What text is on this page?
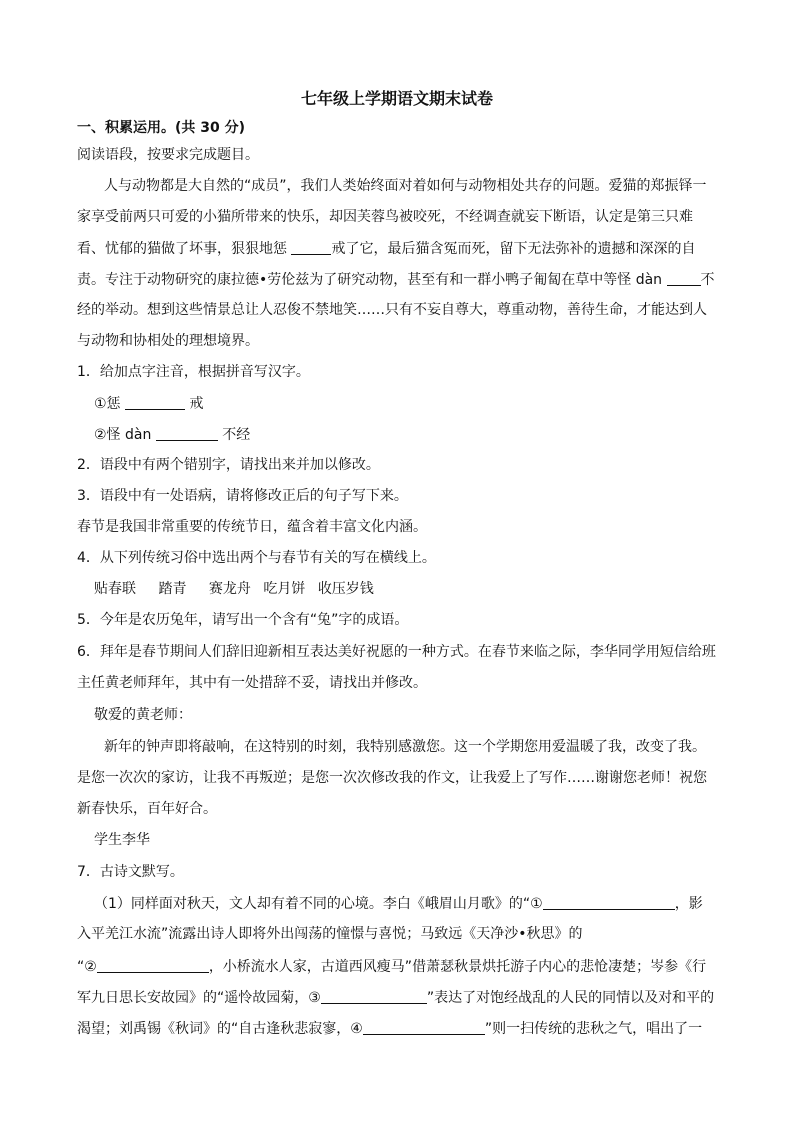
七年级上学期语文期末试卷
一、积累运用。(共 30 分)
阅读语段，按要求完成题目。
人与动物都是大自然的“成员”，我们人类始终面对着如何与动物相处共存的问题。爱猫的郑振铎一
家享受前两只可爱的小猫所带来的快乐，却因芙蓉鸟被咬死，不经调查就妄下断语，认定是第三只难
看、忧郁的猫做了坏事，狠狠地惩	戒了它，最后猫含冤而死，留下无法弥补的遗撼和深深的自
责。专注于动物研究的康拉德•劳伦兹为了研究动物，甚至有和一群小鸭子匍匐在草中等怪 dàn	不
经的举动。想到这些情景总让人忍俊不禁地笑……只有不妄自尊大，尊重动物，善待生命，才能达到人
与动物和协相处的理想境界。
1．给加点字注音，根据拼音写汉字。
①惩	戒
②怪 dàn	不经
2．语段中有两个错别字，请找出来并加以修改。
3．语段中有一处语病，请将修改正后的句子写下来。
春节是我国非常重要的传统节日，蕴含着丰富文化内涵。
4．从下列传统习俗中选出两个与春节有关的写在横线上。
贴春联 踏青 赛龙舟 吃月饼 收压岁钱
5．今年是农历兔年，请写出一个含有“兔”字的成语。
6．拜年是春节期间人们辞旧迎新相互表达美好祝愿的一种方式。在春节来临之际，李华同学用短信给班
主任黄老师拜年，其中有一处措辞不妥，请找出并修改。
敬爱的黄老师：
新年的钟声即将敲响，在这特别的时刻，我特别感激您。这一个学期您用爱温暖了我，改变了我。
是您一次次的家访，让我不再叛逆；是您一次次修改我的作文，让我爱上了写作……谢谢您老师！祝您
新春快乐，百年好合。
学生李华
7．古诗文默写。
（1）同样面对秋天，文人却有着不同的心境。李白《峨眉山月歌》的“①	，影
入平羌江水流”流露出诗人即将外出闯荡的憧憬与喜悦；马致远《天净沙•秋思》的
“②	，小桥流水人家，古道西风瘦马”借萧瑟秋景烘托游子内心的悲怆凄楚；岑参《行
军九日思长安故园》的“遥怜故园菊，③	”表达了对饱经战乱的人民的同情以及对和平的
渴望；刘禹锡《秋词》的“自古逢秋悲寂寥，④	”则一扫传统的悲秋之气，唱出了一
